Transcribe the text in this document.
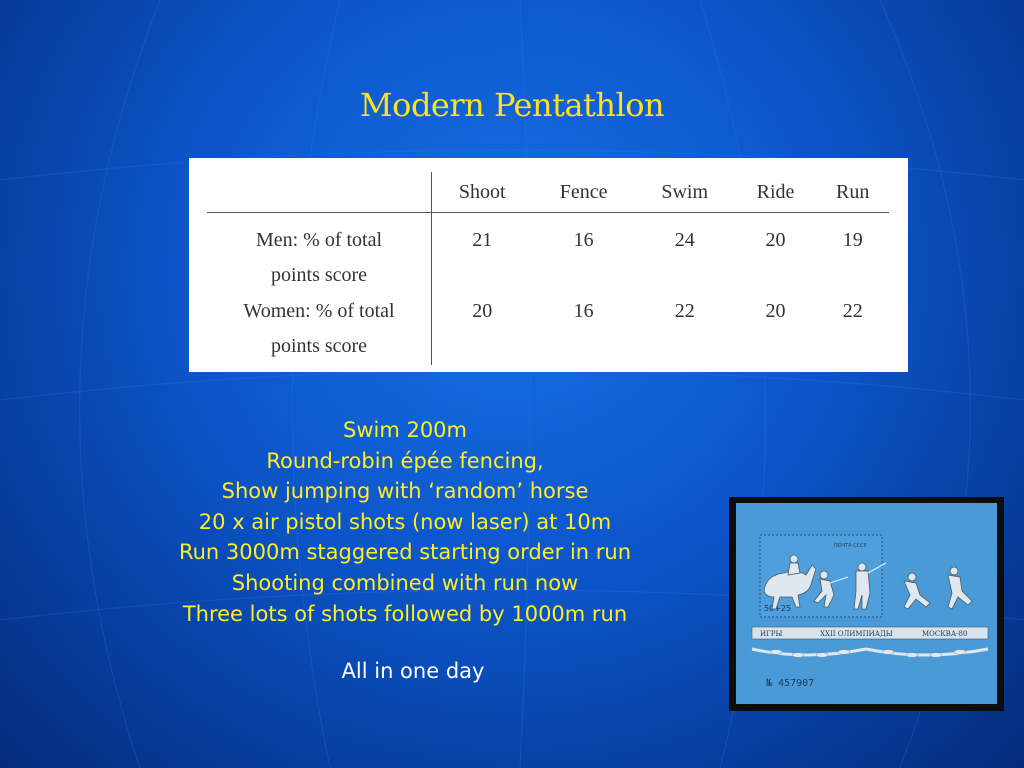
Modern Pentathlon
	Shoot	Fence	Swim	Ride	Run

Men: % of total
points score	21	16	24	20	19

Women: % of total
points score	20	16	22	20	22
Swim 200m
Round-robin épée fencing,
Show jumping with ‘random’ horse
20 x air pistol shots (now laser) at 10m
Run 3000m staggered starting order in run
Shooting combined with run now
Three lots of shots followed by 1000m run
All in one day
ПОЧТА СССР
50+25
ИГРЫ	XXII ОЛИМПИАДЫ	МОСКВА-80
№ 457907
